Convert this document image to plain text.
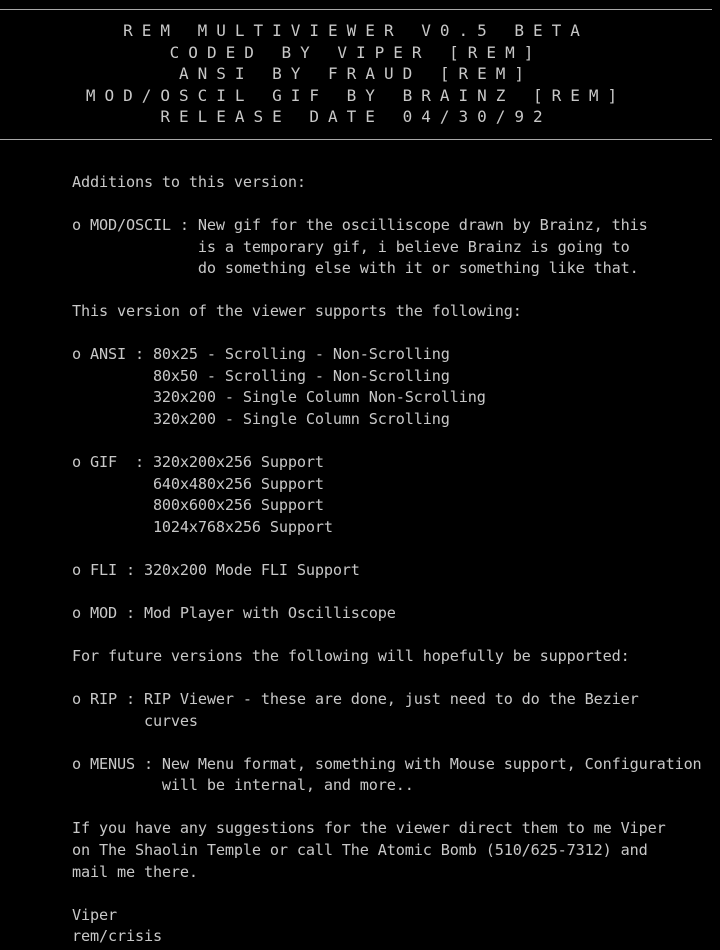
REM MULTIVIEWER V0.5 BETA
CODED BY VIPER [REM]
ANSI BY FRAUD [REM]
MOD/OSCIL GIF BY BRAINZ [REM]
RELEASE DATE 04/30/92
Additions to this version:
o MOD/OSCIL : New gif for the oscilliscope drawn by Brainz, this
is a temporary gif, i believe Brainz is going to
do something else with it or something like that.
This version of the viewer supports the following:
o ANSI : 80x25 - Scrolling - Non-Scrolling
80x50 - Scrolling - Non-Scrolling
320x200 - Single Column Non-Scrolling
320x200 - Single Column Scrolling
o GIF  : 320x200x256 Support
640x480x256 Support
800x600x256 Support
1024x768x256 Support
o FLI : 320x200 Mode FLI Support
o MOD : Mod Player with Oscilliscope
For future versions the following will hopefully be supported:
o RIP : RIP Viewer - these are done, just need to do the Bezier
curves
o MENUS : New Menu format, something with Mouse support, Configuration
will be internal, and more..
If you have any suggestions for the viewer direct them to me Viper
on The Shaolin Temple or call The Atomic Bomb (510/625-7312) and
mail me there.
Viper
rem/crisis
